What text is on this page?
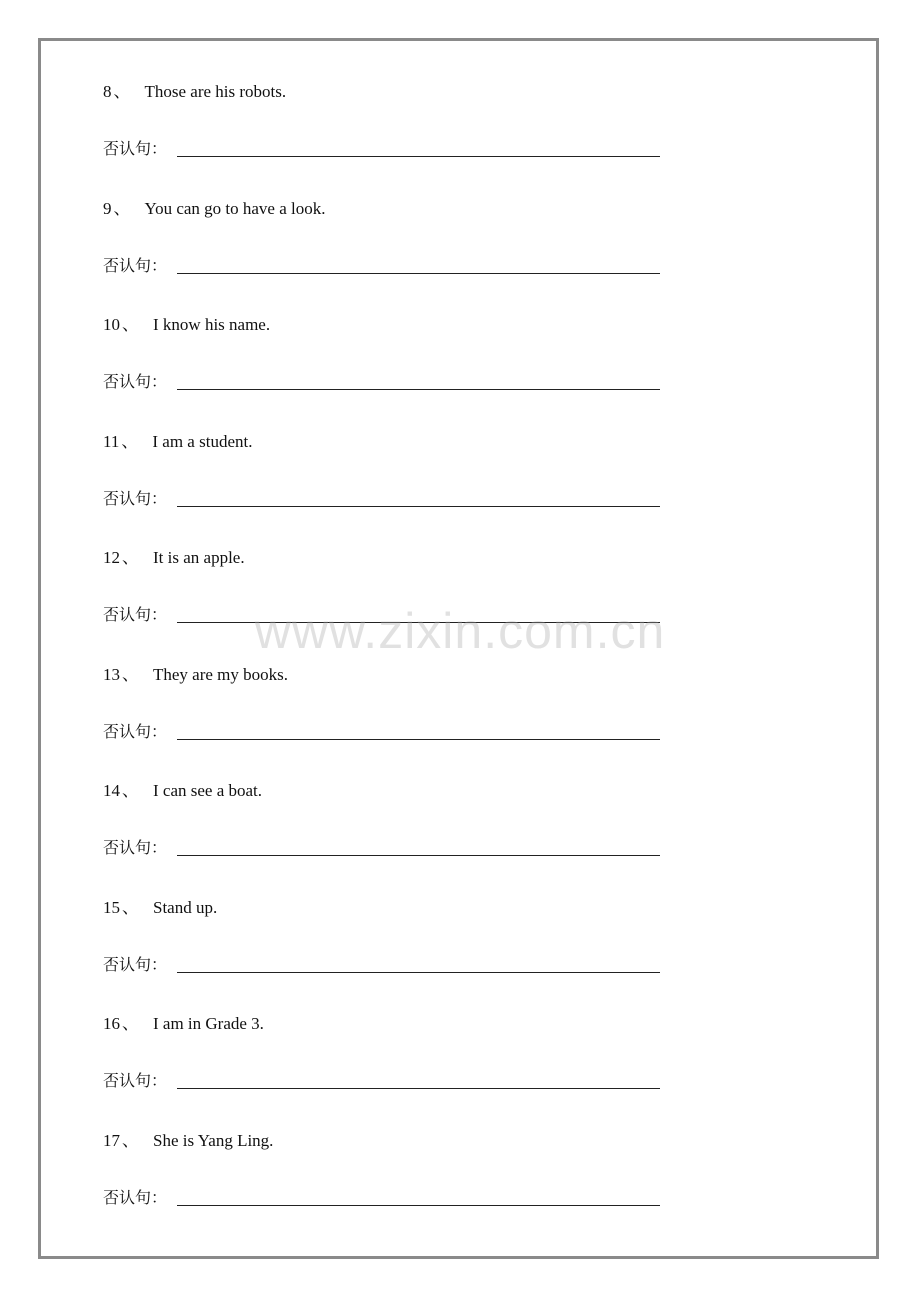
8 、 Those are his robots.
否认句：
9 、 You can go to have a look.
否认句：
10 、 I know his name.
否认句：
11 、 I am a student.
否认句：
12 、 It is an apple.
否认句：
13 、 They are my books.
否认句：
14 、 I can see a boat.
否认句：
15 、 Stand up.
否认句：
16 、 I am in Grade 3.
否认句：
17 、 She is Yang Ling.
否认句：
www.zixin.com.cn
